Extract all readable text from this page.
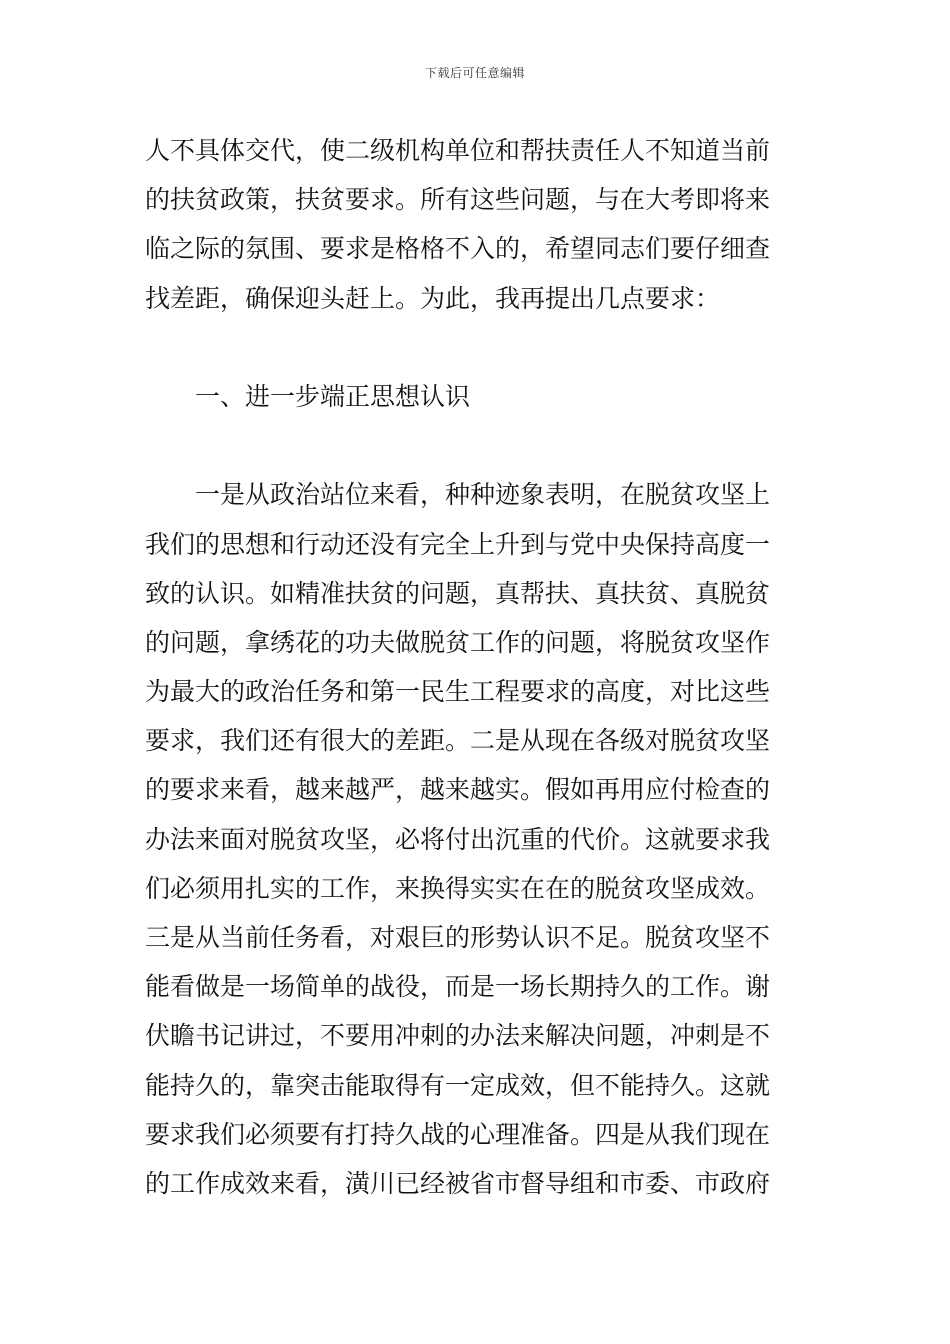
下载后可任意编辑
人不具体交代，使二级机构单位和帮扶责任人不知道当前
的扶贫政策，扶贫要求。所有这些问题，与在大考即将来
临之际的氛围、要求是格格不入的，希望同志们要仔细查
找差距，确保迎头赶上。为此，我再提出几点要求：
一、进一步端正思想认识
一是从政治站位来看，种种迹象表明，在脱贫攻坚上
我们的思想和行动还没有完全上升到与党中央保持高度一
致的认识。如精准扶贫的问题，真帮扶、真扶贫、真脱贫
的问题，拿绣花的功夫做脱贫工作的问题，将脱贫攻坚作
为最大的政治任务和第一民生工程要求的高度，对比这些
要求，我们还有很大的差距。二是从现在各级对脱贫攻坚
的要求来看，越来越严，越来越实。假如再用应付检查的
办法来面对脱贫攻坚，必将付出沉重的代价。这就要求我
们必须用扎实的工作，来换得实实在在的脱贫攻坚成效。
三是从当前任务看，对艰巨的形势认识不足。脱贫攻坚不
能看做是一场简单的战役，而是一场长期持久的工作。谢
伏瞻书记讲过，不要用冲刺的办法来解决问题，冲刺是不
能持久的，靠突击能取得有一定成效，但不能持久。这就
要求我们必须要有打持久战的心理准备。四是从我们现在
的工作成效来看，潢川已经被省市督导组和市委、市政府
